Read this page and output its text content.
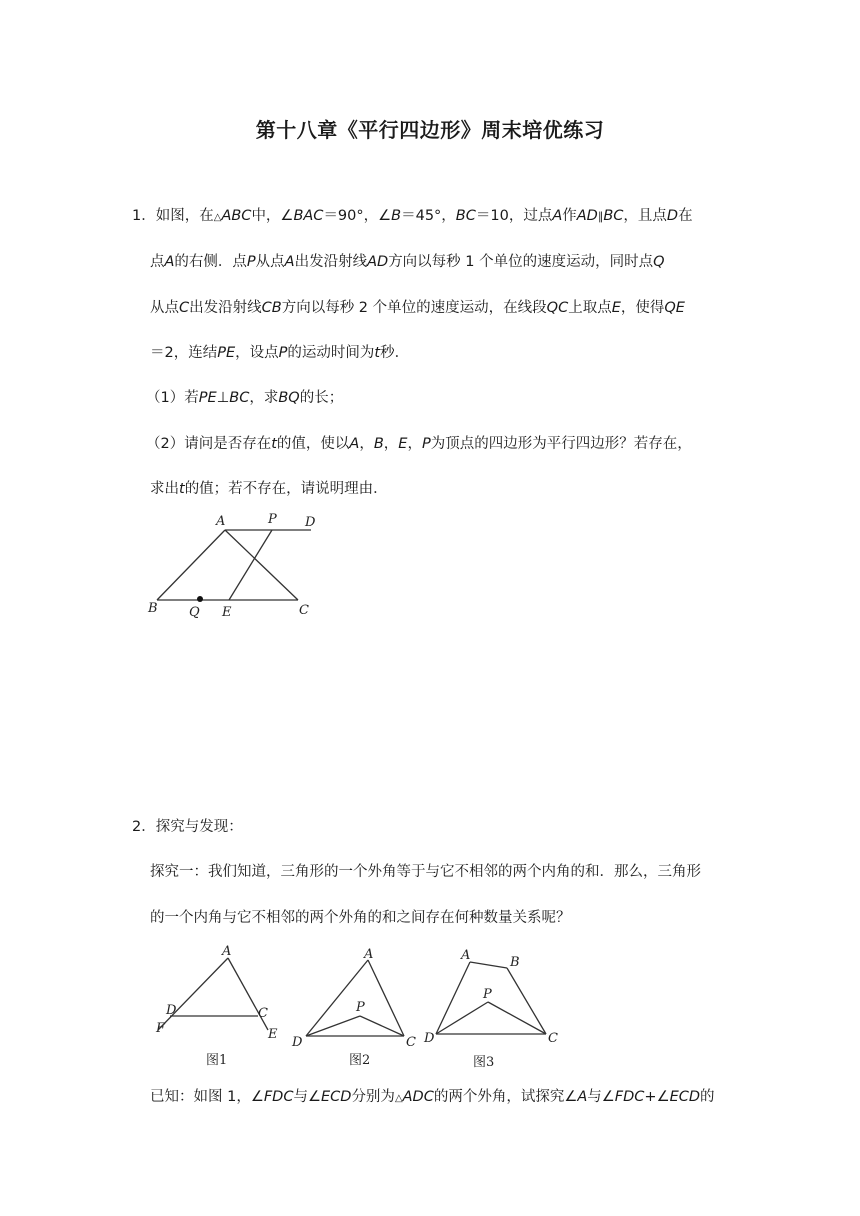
第十八章《平行四边形》周末培优练习
1．如图，在△ABC中，∠BAC＝90°，∠B＝45°，BC＝10，过点A作AD∥BC，且点D在
点A的右侧．点P从点A出发沿射线AD方向以每秒 1 个单位的速度运动，同时点Q
从点C出发沿射线CB方向以每秒 2 个单位的速度运动，在线段QC上取点E，使得QE
＝2，连结PE，设点P的运动时间为t秒．
（1）若PE⊥BC，求BQ的长；
（2）请问是否存在t的值，使以A，B，E，P为顶点的四边形为平行四边形？若存在，
求出t的值；若不存在，请说明理由．
A	P D
B Q E	C
2．探究与发现：
探究一：我们知道，三角形的一个外角等于与它不相邻的两个内角的和．那么，三角形
的一个内角与它不相邻的两个外角的和之间存在何种数量关系呢？
A
D
F
C
E
图1
A
P
D	C
图2
A	B
P
D	C
图3
已知：如图 1，∠FDC与∠ECD分别为△ADC的两个外角，试探究∠A与∠FDC+∠ECD的
